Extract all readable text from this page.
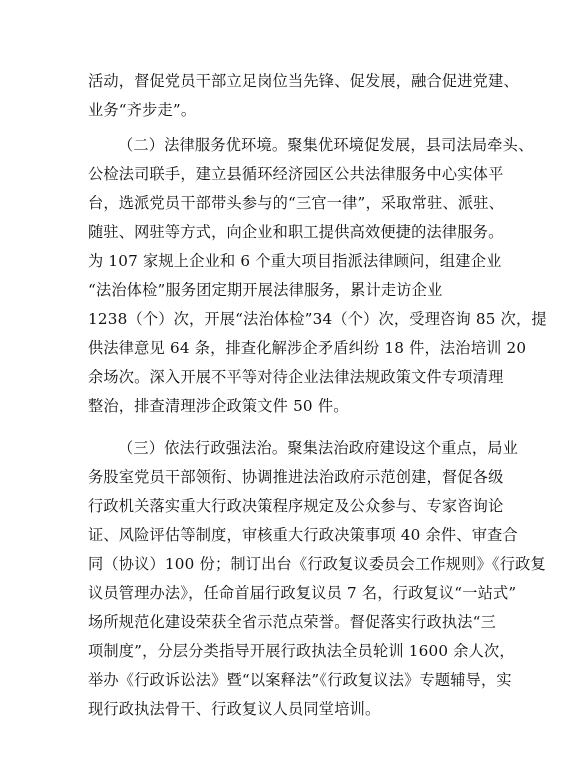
活动，督促党员干部立足岗位当先锋、促发展，融合促进党建、
业务“齐步走”。
（二）法律服务优环境。聚集优环境促发展，县司法局牵头、
公检法司联手，建立县循环经济园区公共法律服务中心实体平
台，选派党员干部带头参与的“三官一律”，采取常驻、派驻、
随驻、网驻等方式，向企业和职工提供高效便捷的法律服务。
为 107 家规上企业和 6 个重大项目指派法律顾问，组建企业
“法治体检”服务团定期开展法律服务，累计走访企业
1238（个）次，开展“法治体检”34（个）次，受理咨询 85 次，提
供法律意见 64 条，排查化解涉企矛盾纠纷 18 件，法治培训 20
余场次。深入开展不平等对待企业法律法规政策文件专项清理
整治，排查清理涉企政策文件 50 件。
（三）依法行政强法治。聚集法治政府建设这个重点，局业
务股室党员干部领衔、协调推进法治政府示范创建，督促各级
行政机关落实重大行政决策程序规定及公众参与、专家咨询论
证、风险评估等制度，审核重大行政决策事项 40 余件、审查合
同（协议）100 份；制订出台《行政复议委员会工作规则》《行政复
议员管理办法》，任命首届行政复议员 7 名，行政复议“一站式”
场所规范化建设荣获全省示范点荣誉。督促落实行政执法“三
项制度”，分层分类指导开展行政执法全员轮训 1600 余人次，
举办《行政诉讼法》暨“以案释法”《行政复议法》专题辅导，实
现行政执法骨干、行政复议人员同堂培训。
